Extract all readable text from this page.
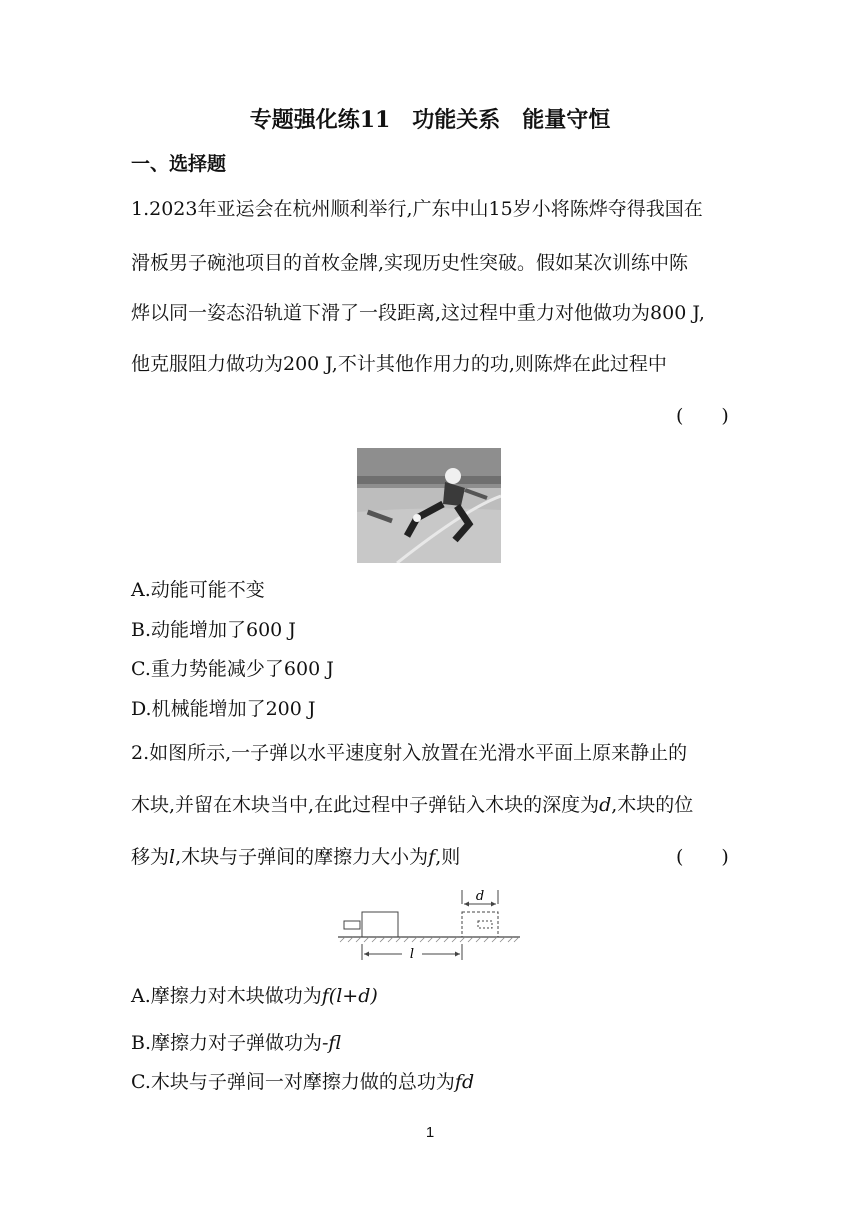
专题强化练11　功能关系　能量守恒
一、选择题
1.2023年亚运会在杭州顺利举行,广东中山15岁小将陈烨夺得我国在
滑板男子碗池项目的首枚金牌,实现历史性突破。假如某次训练中陈
烨以同一姿态沿轨道下滑了一段距离,这过程中重力对他做功为800 J,
他克服阻力做功为200 J,不计其他作用力的功,则陈烨在此过程中
(　　)
A.动能可能不变
B.动能增加了600 J
C.重力势能减少了600 J
D.机械能增加了200 J
2.如图所示,一子弹以水平速度射入放置在光滑水平面上原来静止的
木块,并留在木块当中,在此过程中子弹钻入木块的深度为d,木块的位
移为l,木块与子弹间的摩擦力大小为f,则	(　　)
d
l
A.摩擦力对木块做功为f(l+d)
B.摩擦力对子弹做功为-fl
C.木块与子弹间一对摩擦力做的总功为fd
1
